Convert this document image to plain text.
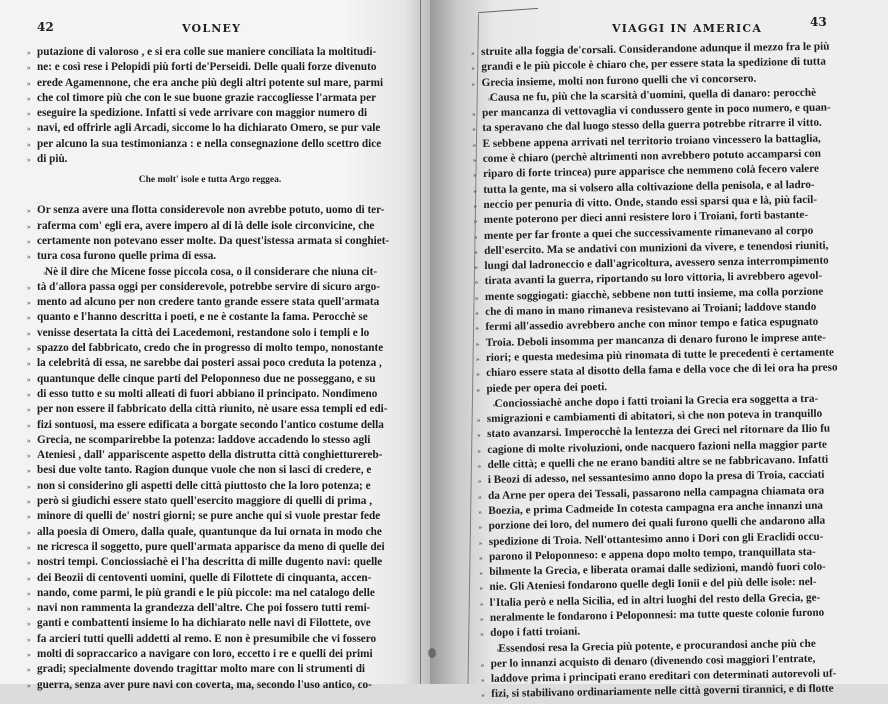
42	VOLNEY
Che molt' isole e tutta Argo reggea.
43
VIAGGI IN AMERICA
» putazione di valoroso , e si era colle sue maniere conciliata la moltitudi-
» ne: e così rese i Pelopidi più forti de'Perseidi. Delle quali forze divenuto
» erede Agamennone, che era anche più degli altri potente sul mare, parmi
» che col timore più che con le sue buone grazie raccogliesse l'armata per
» eseguire la spedizione. Infatti si vede arrivare con maggior numero di
» navi, ed offrirle agli Arcadi, siccome lo ha dichiarato Omero, se pur vale
» per alcuno la sua testimonianza : e nella consegnazione dello scettro dice
» di più.
» Or senza avere una flotta considerevole non avrebbe potuto, uomo di ter-
» raferma com' egli era, avere impero al di là delle isole circonvicine, che
» certamente non potevano esser molte. Da quest'istessa armata si conghiet-
» tura cosa furono quelle prima di essa.
» Nè il dire che Micene fosse piccola cosa, o il considerare che niuna cit-
» tà d'allora passa oggi per considerevole, potrebbe servire di sicuro argo-
» mento ad alcuno per non credere tanto grande essere stata quell'armata
» quanto e l'hanno descritta i poeti, e ne è costante la fama. Perocchè se
» venisse desertata la città dei Lacedemoni, restandone solo i templi e lo
» spazzo del fabbricato, credo che in progresso di molto tempo, nonostante
» la celebrità di essa, ne sarebbe dai posteri assai poco creduta la potenza ,
» quantunque delle cinque parti del Peloponneso due ne posseggano, e su
» di esso tutto e su molti alleati di fuori abbiano il principato. Nondimeno
» per non essere il fabbricato della città riunito, nè usare essa templi ed edi-
» fizi sontuosi, ma essere edificata a borgate secondo l'antico costume della
» Grecia, ne scomparirebbe la potenza: laddove accadendo lo stesso agli
» Ateniesi , dall' appariscente aspetto della distrutta città conghietturereb-
» besi due volte tanto. Ragion dunque vuole che non si lasci di credere, e
» non si considerino gli aspetti delle città piuttosto che la loro potenza; e
» però si giudichi essere stato quell'esercito maggiore di quelli di prima ,
» minore di quelli de' nostri giorni; se pure anche qui si vuole prestar fede
» alla poesia di Omero, dalla quale, quantunque da lui ornata in modo che
» ne ricresca il soggetto, pure quell'armata apparisce da meno di quelle dei
» nostri tempi. Conciossiachè ei l'ha descritta di mille dugento navi: quelle
» dei Beozii di centoventi uomini, quelle di Filottete di cinquanta, accen-
» nando, come parmi, le più grandi e le più piccole: ma nel catalogo delle
» navi non rammenta la grandezza dell'altre. Che poi fossero tutti remi-
» ganti e combattenti insieme lo ha dichiarato nelle navi di Filottete, ove
» fa arcieri tutti quelli addetti al remo. E non è presumibile che vi fossero
» molti di sopraccarico a navigare con loro, eccetto i re e quelli dei primi
» gradi; specialmente dovendo tragittar molto mare con li strumenti di
» guerra, senza aver pure navi con coverta, ma, secondo l'uso antico, co-
» struite alla foggia de'corsali. Considerandone adunque il mezzo fra le più
» grandi e le più piccole è chiaro che, per essere stata la spedizione di tutta
» Grecia insieme, molti non furono quelli che vi concorsero.
» Causa ne fu, più che la scarsità d'uomini, quella di danaro: perocchè
» per mancanza di vettovaglia vi condussero gente in poco numero, e quan-
» ta speravano che dal luogo stesso della guerra potrebbe ritrarre il vitto.
» E sebbene appena arrivati nel territorio troiano vincessero la battaglia,
» come è chiaro (perchè altrimenti non avrebbero potuto accamparsi con
» riparo di forte trincea) pure apparisce che nemmeno colà fecero valere
» tutta la gente, ma si volsero alla coltivazione della penisola, e al ladro-
» neccio per penuria di vitto. Onde, stando essi sparsi qua e là, più facil-
» mente poterono per dieci anni resistere loro i Troiani, forti bastante-
» mente per far fronte a quei che successivamente rimanevano al corpo
» dell'esercito. Ma se andativi con munizioni da vivere, e tenendosi riuniti,
» lungi dal ladroneccio e dall'agricoltura, avessero senza interrompimento
» tirata avanti la guerra, riportando su loro vittoria, li avrebbero agevol-
» mente soggiogati: giacchè, sebbene non tutti insieme, ma colla porzione
» che di mano in mano rimaneva resistevano ai Troiani; laddove stando
» fermi all'assedio avrebbero anche con minor tempo e fatica espugnato
» Troia. Deboli insomma per mancanza di denaro furono le imprese ante-
» riori; e questa medesima più rinomata di tutte le precedenti è certamente
» chiaro essere stata al disotto della fama e della voce che di lei ora ha preso
» piede per opera dei poeti.
» Conciossiachè anche dopo i fatti troiani la Grecia era soggetta a tra-
» smigrazioni e cambiamenti di abitatori, sì che non poteva in tranquillo
» stato avanzarsi. Imperocchè la lentezza dei Greci nel ritornare da Ilio fu
» cagione di molte rivoluzioni, onde nacquero fazioni nella maggior parte
» delle città; e quelli che ne erano banditi altre se ne fabbricavano. Infatti
» i Beozi di adesso, nel sessantesimo anno dopo la presa di Troia, cacciati
» da Arne per opera dei Tessali, passarono nella campagna chiamata ora
» Boezia, e prima Cadmeide In cotesta campagna era anche innanzi una
» porzione dei loro, del numero dei quali furono quelli che andarono alla
» spedizione di Troia. Nell'ottantesimo anno i Dori con gli Eraclidi occu-
» parono il Peloponneso: e appena dopo molto tempo, tranquillata sta-
» bilmente la Grecia, e liberata oramai dalle sedizioni, mandò fuori colo-
» nie. Gli Ateniesi fondarono quelle degli Ionii e del più delle isole: nel-
» l'Italia però e nella Sicilia, ed in altri luoghi del resto della Grecia, ge-
» neralmente le fondarono i Peloponnesi: ma tutte queste colonie furono
» dopo i fatti troiani.
» Essendosi resa la Grecia più potente, e procurandosi anche più che
» per lo innanzi acquisto di denaro (divenendo così maggiori l'entrate,
» laddove prima i principati erano ereditari con determinati autorevoli uf-
» fizi, si stabilivano ordinariamente nelle città governi tirannici, e di flotte
